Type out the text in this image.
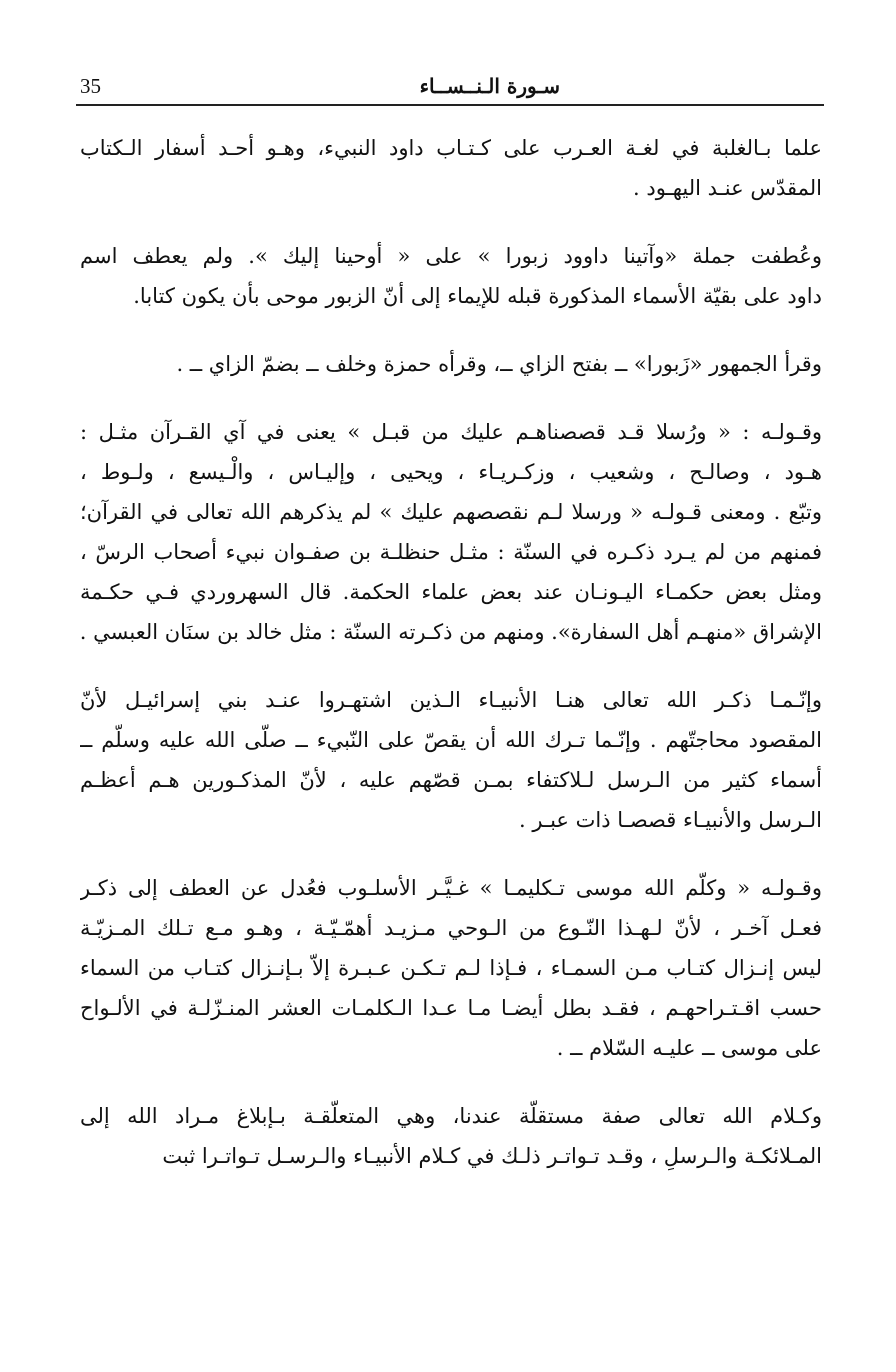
35	سـورة الـنــســاء
علما بـالغلبة في لغـة العـرب على كـتـاب داود النبيء، وهـو أحـد أسفار الـكتاب
المقدّس عنـد اليهـود .
وعُطفت جملة «وآتينا داوود زبورا » على « أوحينا إليك ». ولم يعطف اسم
داود على بقيّة الأسماء المذكورة قبله للإيماء إلى أنّ الزبور موحى بأن يكون كتابا.
وقرأ الجمهور «زَبورا» ــ بفتح الزاي ــ، وقرأه حمزة وخلف ــ بضمّ الزاي ــ .
وقـولـه : « ورُسلا قـد قصصناهـم عليك من قبـل » يعنى في آي القـرآن مثـل :
هـود ، وصالـح ، وشعيب ، وزكـريـاء ، ويحيى ، وإليـاس ، والْـيسع ، ولـوط ،
وتبّع . ومعنى قـولـه « ورسلا لـم نقصصهم عليك » لم يذكرهم الله تعالى في القرآن؛
فمنهم من لم يـرد ذكـره في السنّة : مثـل حنظلـة بن صفـوان نبيء أصحاب الرسّ ،
ومثل بعض حكمـاء اليـونـان عند بعض علماء الحكمة. قال السهروردي فـي حكـمة
الإشراق «منهـم أهل السفارة». ومنهم من ذكـرته السنّة : مثل خالد بن سنَان العبسي .
وإنّـمـا ذكـر الله تعالى هنـا الأنبيـاء الـذين اشتهـروا عنـد بني إسرائيـل لأنّ
المقصود محاجتّهم . وإنّـما تـرك الله أن يقصّ على النّبيء ــ صلّى الله عليه وسلّم ــ
أسماء كثير من الـرسل لـلاكتفاء بمـن قصّهم عليه ، لأنّ المذكـورين هـم أعظـم
الـرسل والأنبيـاء قصصـا ذات عبـر .
وقـولـه « وكلّم الله موسى تـكليمـا » غـيَّـر الأسلـوب فعُدل عن العطف إلى ذكـر
فعـل آخـر ، لأنّ لـهـذا النّـوع من الـوحي مـزيـد أهمّـيّـة ، وهـو مـع تـلك المـزيّـة
ليس إنـزال كتـاب مـن السمـاء ، فـإذا لـم تـكـن عـبـرة إلاّ بـإنـزال كتـاب من السماء
حسب اقـتـراحهـم ، فقـد بطل أيضـا مـا عـدا الـكلمـات العشر المنـزّلـة في الألـواح
على موسى ــ عليـه السّلام ــ .
وكـلام الله تعالى صفة مستقلّة عندنا، وهي المتعلّقـة بـإبلاغ مـراد الله إلى
المـلائكـة والـرسلِ ، وقـد تـواتـر ذلـك في كـلام الأنبيـاء والـرسـل تـواتـرا ثبت
